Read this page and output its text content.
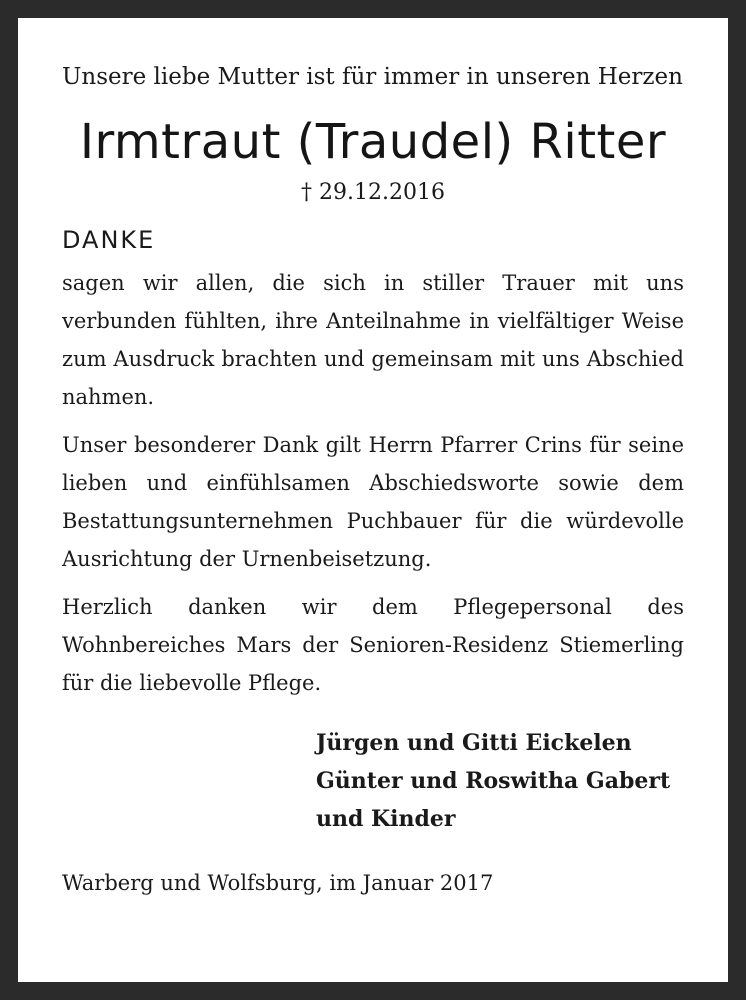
Unsere liebe Mutter ist für immer in unseren Herzen

Irmtraut (Traudel) Ritter

† 29.12.2016

DANKE

sagen wir allen, die sich in stiller Trauer mit uns verbunden fühlten, ihre Anteilnahme in vielfältiger Weise zum Ausdruck brachten und gemeinsam mit uns Abschied nahmen.

Unser besonderer Dank gilt Herrn Pfarrer Crins für seine lieben und einfühlsamen Abschiedsworte sowie dem Bestattungsunternehmen Puchbauer für die würdevolle Ausrichtung der Urnenbeisetzung.

Herzlich danken wir dem Pflegepersonal des Wohnbereiches Mars der Senioren-Residenz Stiemerling für die liebevolle Pflege.

Jürgen und Gitti Eickelen
Günter und Roswitha Gabert
und Kinder

Warberg und Wolfsburg, im Januar 2017
